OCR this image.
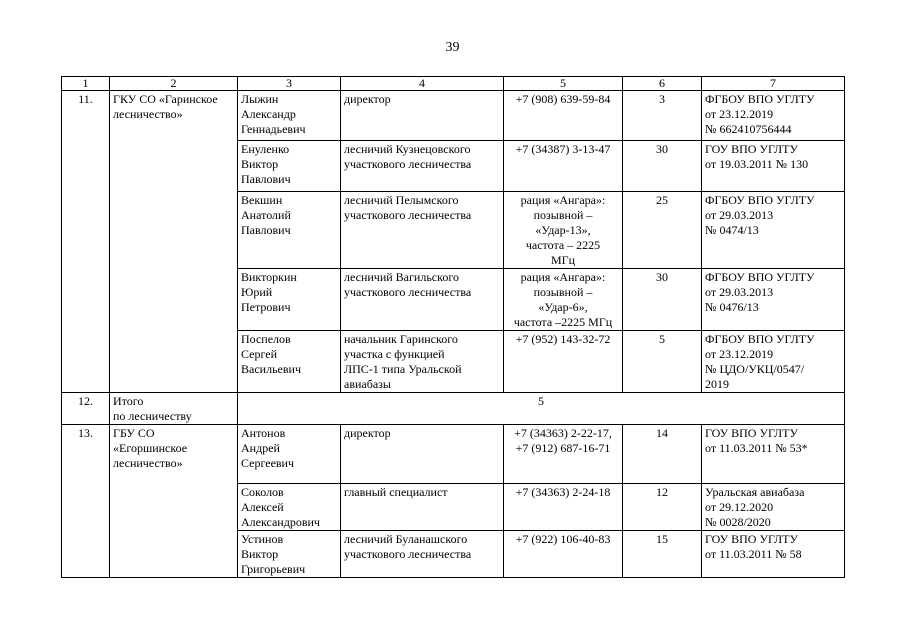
39
1	2	3	4	5	6	7
11.	ГКУ СО «Гаринское
лесничество»	Лыжин
Александр
Геннадьевич	директор	+7 (908) 639-59-84	3	ФГБОУ ВПО УГЛТУ
от 23.12.2019
№ 662410756444
		Енуленко
Виктор
Павлович	лесничий Кузнецовского
участкового лесничества	+7 (34387) 3-13-47	30	ГОУ ВПО УГЛТУ
от 19.03.2011 № 130
		Векшин
Анатолий
Павлович	лесничий Пелымского
участкового лесничества	рация «Ангара»:
позывной –
«Удар-13»,
частота – 2225
МГц	25	ФГБОУ ВПО УГЛТУ
от 29.03.2013
№ 0474/13
		Викторкин
Юрий
Петрович	лесничий Вагильского
участкового лесничества	рация «Ангара»:
позывной –
«Удар-6»,
частота –2225 МГц	30	ФГБОУ ВПО УГЛТУ
от 29.03.2013
№ 0476/13
		Поспелов
Сергей
Васильевич	начальник Гаринского
участка с функцией
ЛПС-1 типа Уральской
авиабазы	+7 (952) 143-32-72	5	ФГБОУ ВПО УГЛТУ
от 23.12.2019
№ ЦДО/УКЦ/0547/
2019
12.	Итого
по лесничеству	5				
13.	ГБУ СО
«Егоршинское
лесничество»	Антонов
Андрей
Сергеевич	директор	+7 (34363) 2-22-17,
+7 (912) 687-16-71	14	ГОУ ВПО УГЛТУ
от 11.03.2011 № 53*
		Соколов
Алексей
Александрович	главный специалист	+7 (34363) 2-24-18	12	Уральская авиабаза
от 29.12.2020
№ 0028/2020
		Устинов
Виктор
Григорьевич	лесничий Буланашского
участкового лесничества	+7 (922) 106-40-83	15	ГОУ ВПО УГЛТУ
от 11.03.2011 № 58
